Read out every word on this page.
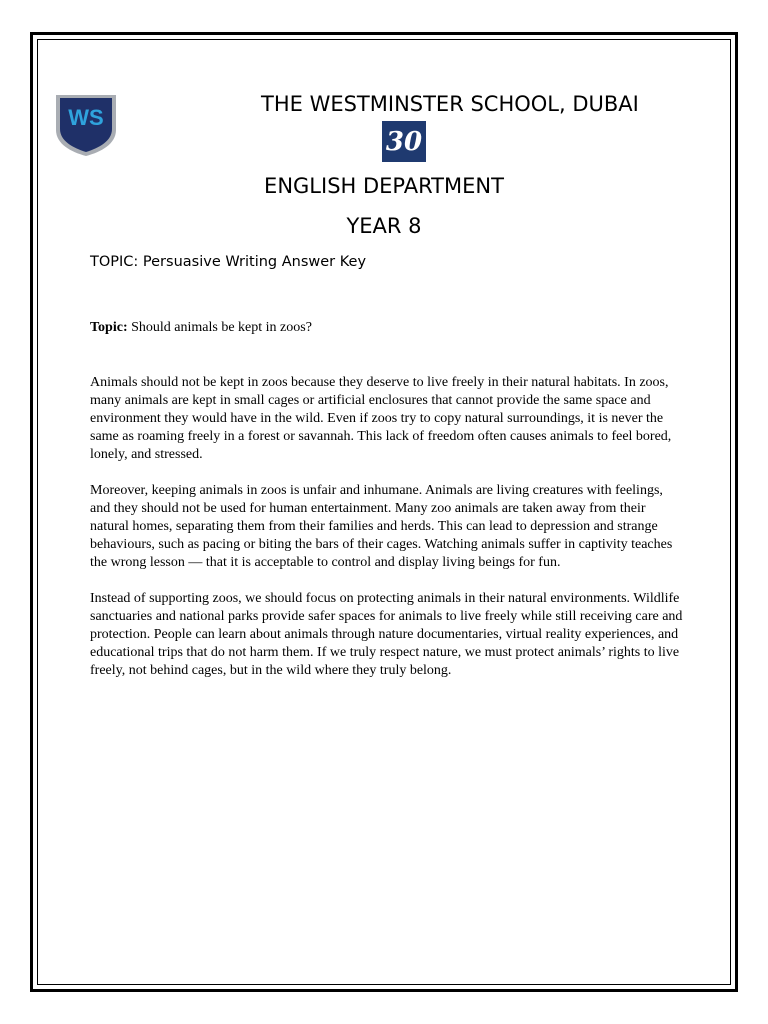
WS
THE WESTMINSTER SCHOOL, DUBAI
30
ENGLISH DEPARTMENT
YEAR 8

TOPIC: Persuasive Writing Answer Key

Topic: Should animals be kept in zoos?

Animals should not be kept in zoos because they deserve to live freely in their natural habitats. In zoos, many animals are kept in small cages or artificial enclosures that cannot provide the same space and environment they would have in the wild. Even if zoos try to copy natural surroundings, it is never the same as roaming freely in a forest or savannah. This lack of freedom often causes animals to feel bored, lonely, and stressed.

Moreover, keeping animals in zoos is unfair and inhumane. Animals are living creatures with feelings, and they should not be used for human entertainment. Many zoo animals are taken away from their natural homes, separating them from their families and herds. This can lead to depression and strange behaviours, such as pacing or biting the bars of their cages. Watching animals suffer in captivity teaches the wrong lesson — that it is acceptable to control and display living beings for fun.

Instead of supporting zoos, we should focus on protecting animals in their natural environments. Wildlife sanctuaries and national parks provide safer spaces for animals to live freely while still receiving care and protection. People can learn about animals through nature documentaries, virtual reality experiences, and educational trips that do not harm them. If we truly respect nature, we must protect animals’ rights to live freely, not behind cages, but in the wild where they truly belong.
